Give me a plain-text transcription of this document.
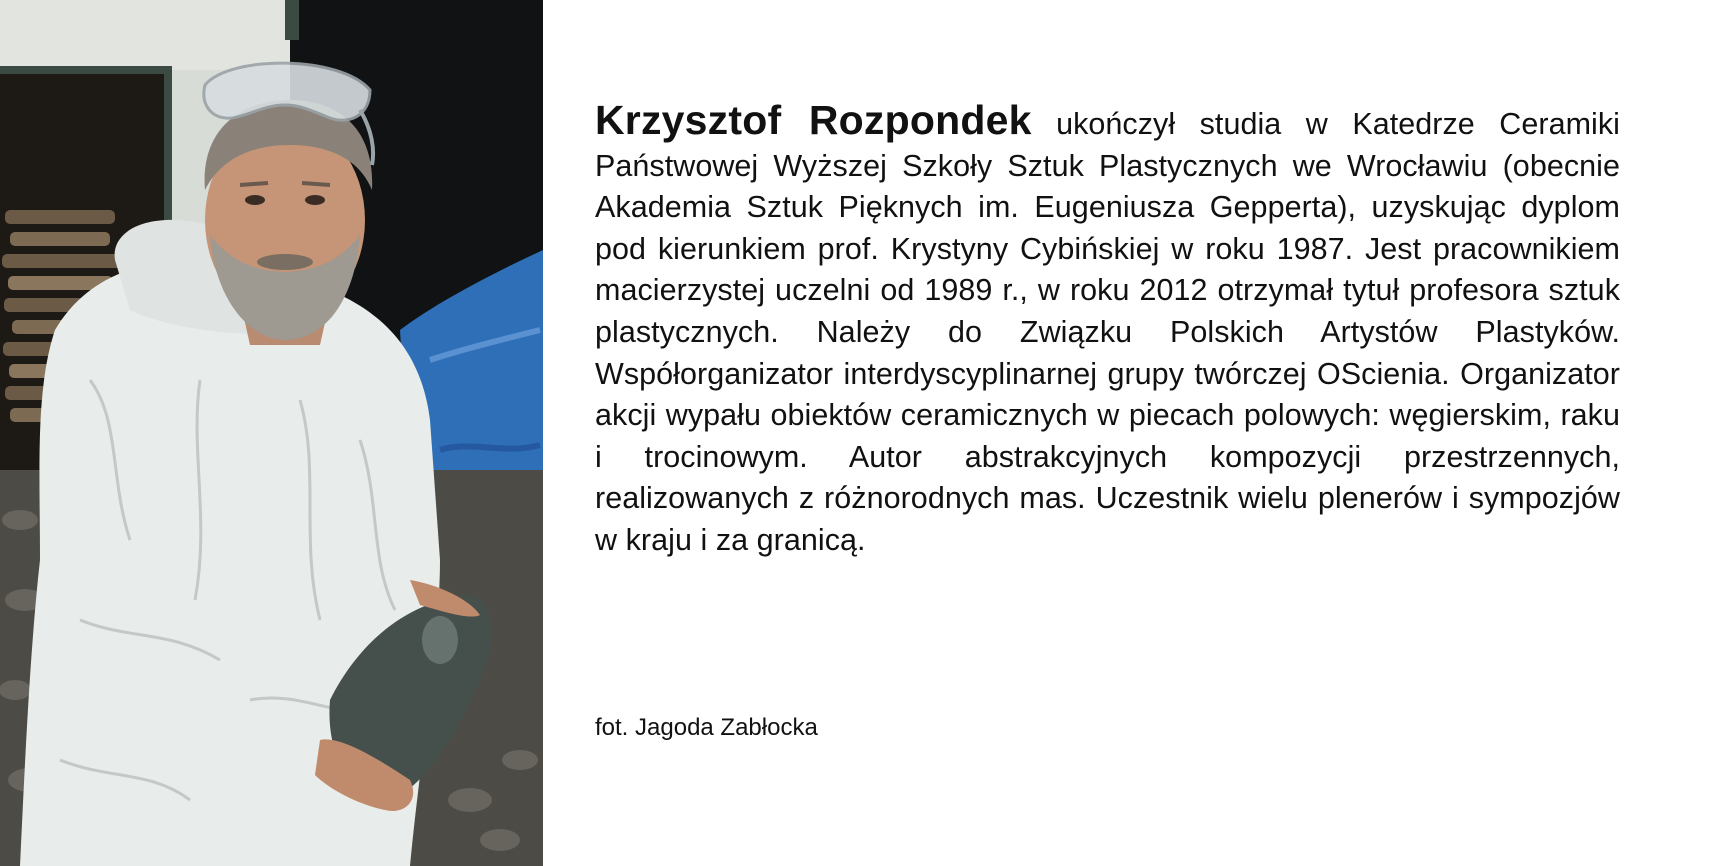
Krzysztof Rozpondek ukończył studia w Katedrze Ceramiki Państwowej Wyższej Szkoły Sztuk Plastycznych we Wrocławiu (obecnie Akademia Sztuk Pięknych im. Eugeniusza Gepperta), uzyskując dyplom pod kierunkiem prof. Krystyny Cybińskiej w roku 1987. Jest pracownikiem macierzystej uczelni od 1989 r., w roku 2012 otrzymał tytuł profesora sztuk plastycznych. Należy do Związku Polskich Artystów Plastyków. Współorganizator interdyscyplinarnej grupy twórczej OScienia. Organizator akcji wypału obiektów ceramicznych w piecach polowych: węgierskim, raku i trocinowym. Autor abstrakcyjnych kompozycji przestrzennych, realizowanych z różnorodnych mas. Uczestnik wielu plenerów i sympozjów w kraju i za granicą.

fot. Jagoda Zabłocka
